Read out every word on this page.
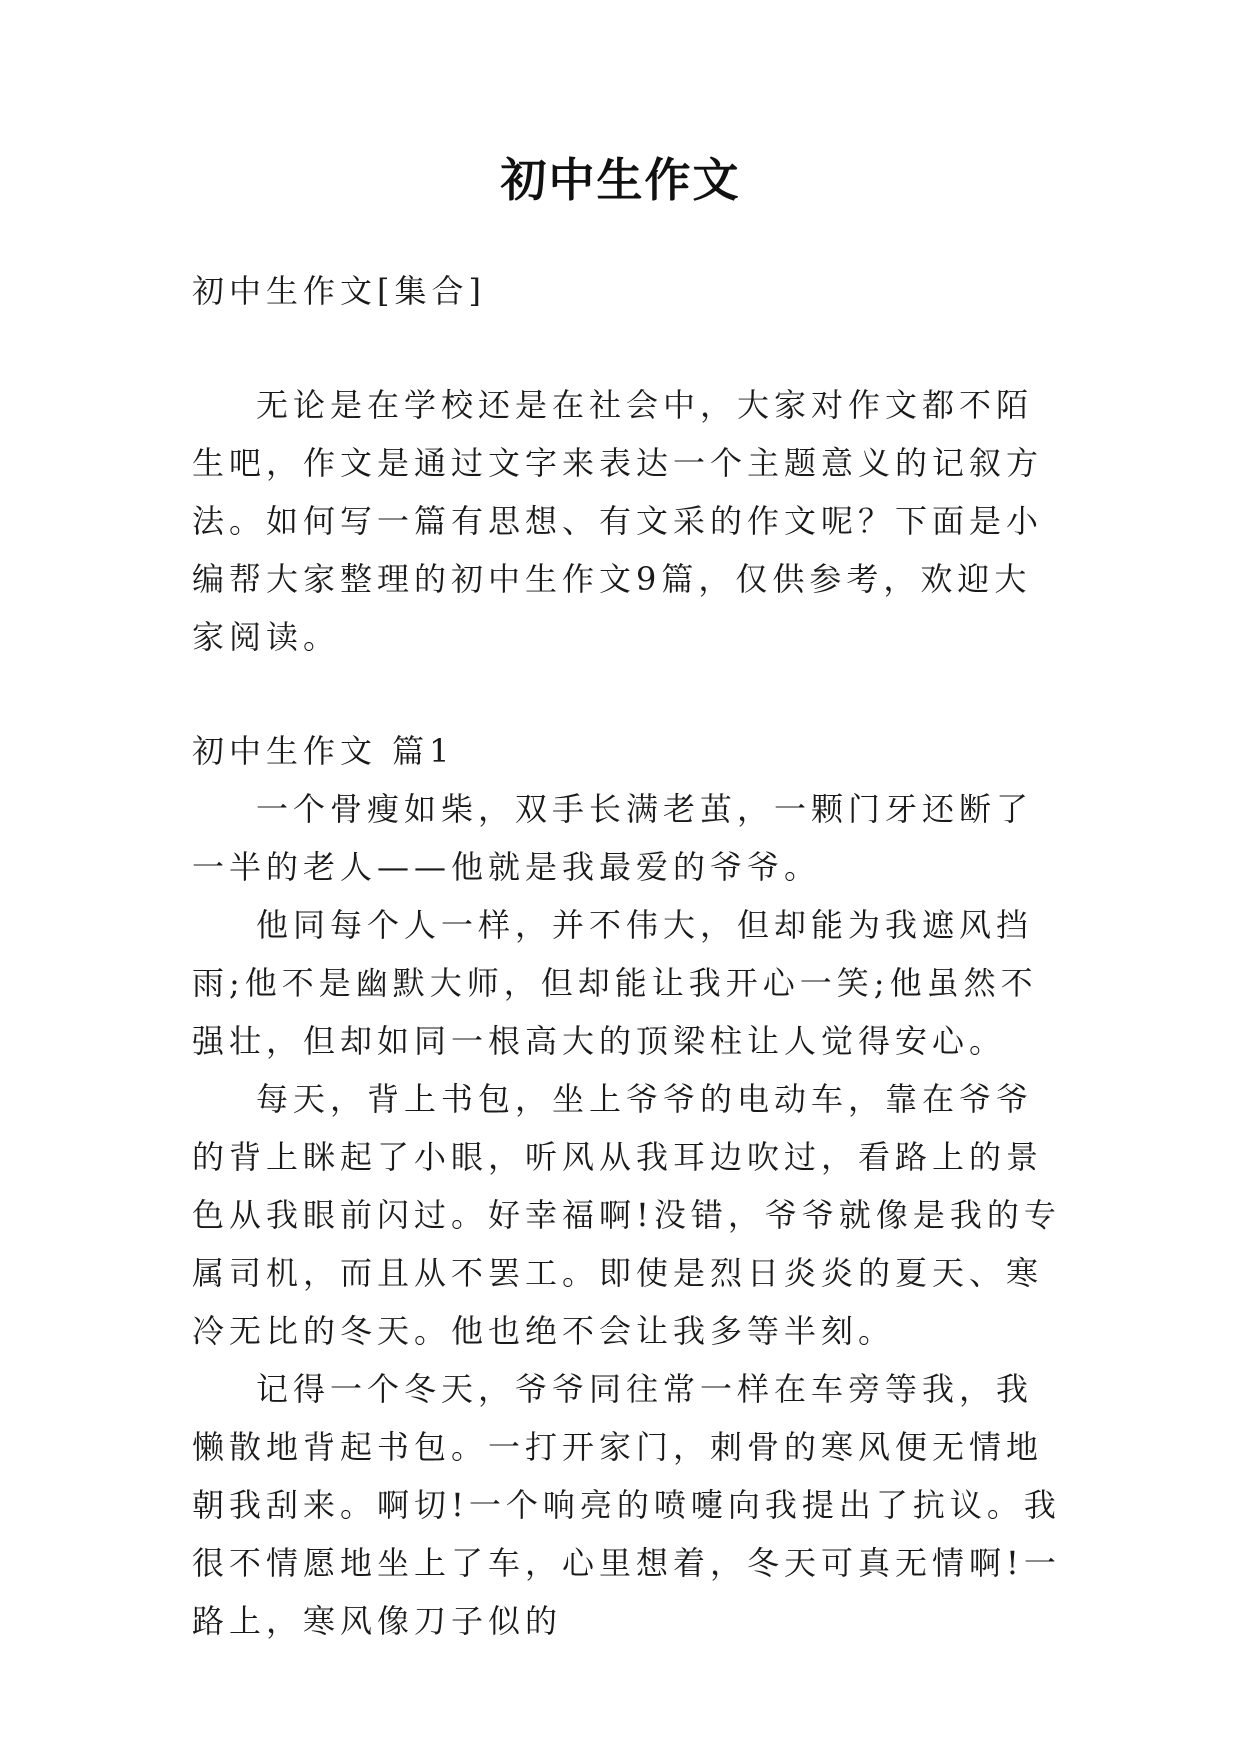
初中生作文

初中生作文[集合]

无论是在学校还是在社会中，大家对作文都不陌生吧，作文是通过文字来表达一个主题意义的记叙方法。如何写一篇有思想、有文采的作文呢？下面是小编帮大家整理的初中生作文9篇，仅供参考，欢迎大家阅读。

初中生作文 篇1

一个骨瘦如柴，双手长满老茧，一颗门牙还断了一半的老人——他就是我最爱的爷爷。

他同每个人一样，并不伟大，但却能为我遮风挡雨;他不是幽默大师，但却能让我开心一笑;他虽然不强壮，但却如同一根高大的顶梁柱让人觉得安心。

每天，背上书包，坐上爷爷的电动车，靠在爷爷的背上眯起了小眼，听风从我耳边吹过，看路上的景色从我眼前闪过。好幸福啊!没错，爷爷就像是我的专属司机，而且从不罢工。即使是烈日炎炎的夏天、寒冷无比的冬天。他也绝不会让我多等半刻。

记得一个冬天，爷爷同往常一样在车旁等我，我懒散地背起书包。一打开家门，刺骨的寒风便无情地朝我刮来。啊切!一个响亮的喷嚏向我提出了抗议。我很不情愿地坐上了车，心里想着，冬天可真无情啊!一路上，寒风像刀子似的
